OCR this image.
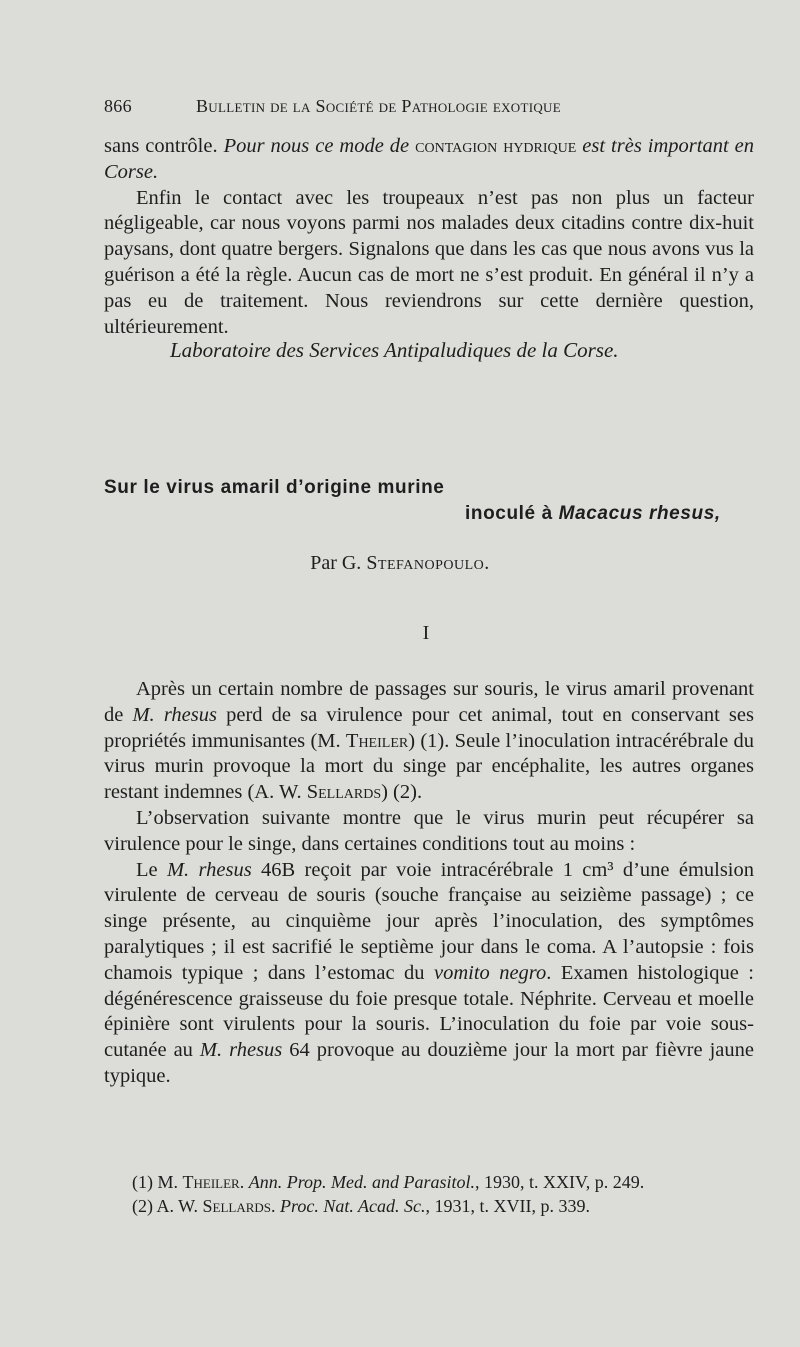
866	Bulletin de la Société de Pathologie exotique

sans contrôle. Pour nous ce mode de contagion hydrique est très important en Corse.

Enfin le contact avec les troupeaux n’est pas non plus un facteur négligeable, car nous voyons parmi nos malades deux citadins contre dix-huit paysans, dont quatre bergers. Signalons que dans les cas que nous avons vus la guérison a été la règle. Aucun cas de mort ne s’est produit. En général il n’y a pas eu de traitement. Nous reviendrons sur cette dernière question, ultérieurement.

Laboratoire des Services Antipaludiques de la Corse.
Sur le virus amaril d’origine murine
inoculé à Macacus rhesus,
Par G. Stefanopoulo.
I

Après un certain nombre de passages sur souris, le virus amaril provenant de M. rhesus perd de sa virulence pour cet animal, tout en conservant ses propriétés immunisantes (M. Theiler) (1). Seule l’inoculation intracérébrale du virus murin provoque la mort du singe par encéphalite, les autres organes restant indemnes (A. W. Sellards) (2).

L’observation suivante montre que le virus murin peut récupérer sa virulence pour le singe, dans certaines conditions tout au moins :

Le M. rhesus 46B reçoit par voie intracérébrale 1 cm³ d’une émulsion virulente de cerveau de souris (souche française au seizième passage) ; ce singe présente, au cinquième jour après l’inoculation, des symptômes paralytiques ; il est sacrifié le septième jour dans le coma. A l’autopsie : fois chamois typique ; dans l’estomac du vomito negro. Examen histologique : dégénérescence graisseuse du foie presque totale. Néphrite. Cerveau et moelle épinière sont virulents pour la souris. L’inoculation du foie par voie sous-cutanée au M. rhesus 64 provoque au douzième jour la mort par fièvre jaune typique.

(1) M. Theiler. Ann. Prop. Med. and Parasitol., 1930, t. XXIV, p. 249.
(2) A. W. Sellards. Proc. Nat. Acad. Sc., 1931, t. XVII, p. 339.
